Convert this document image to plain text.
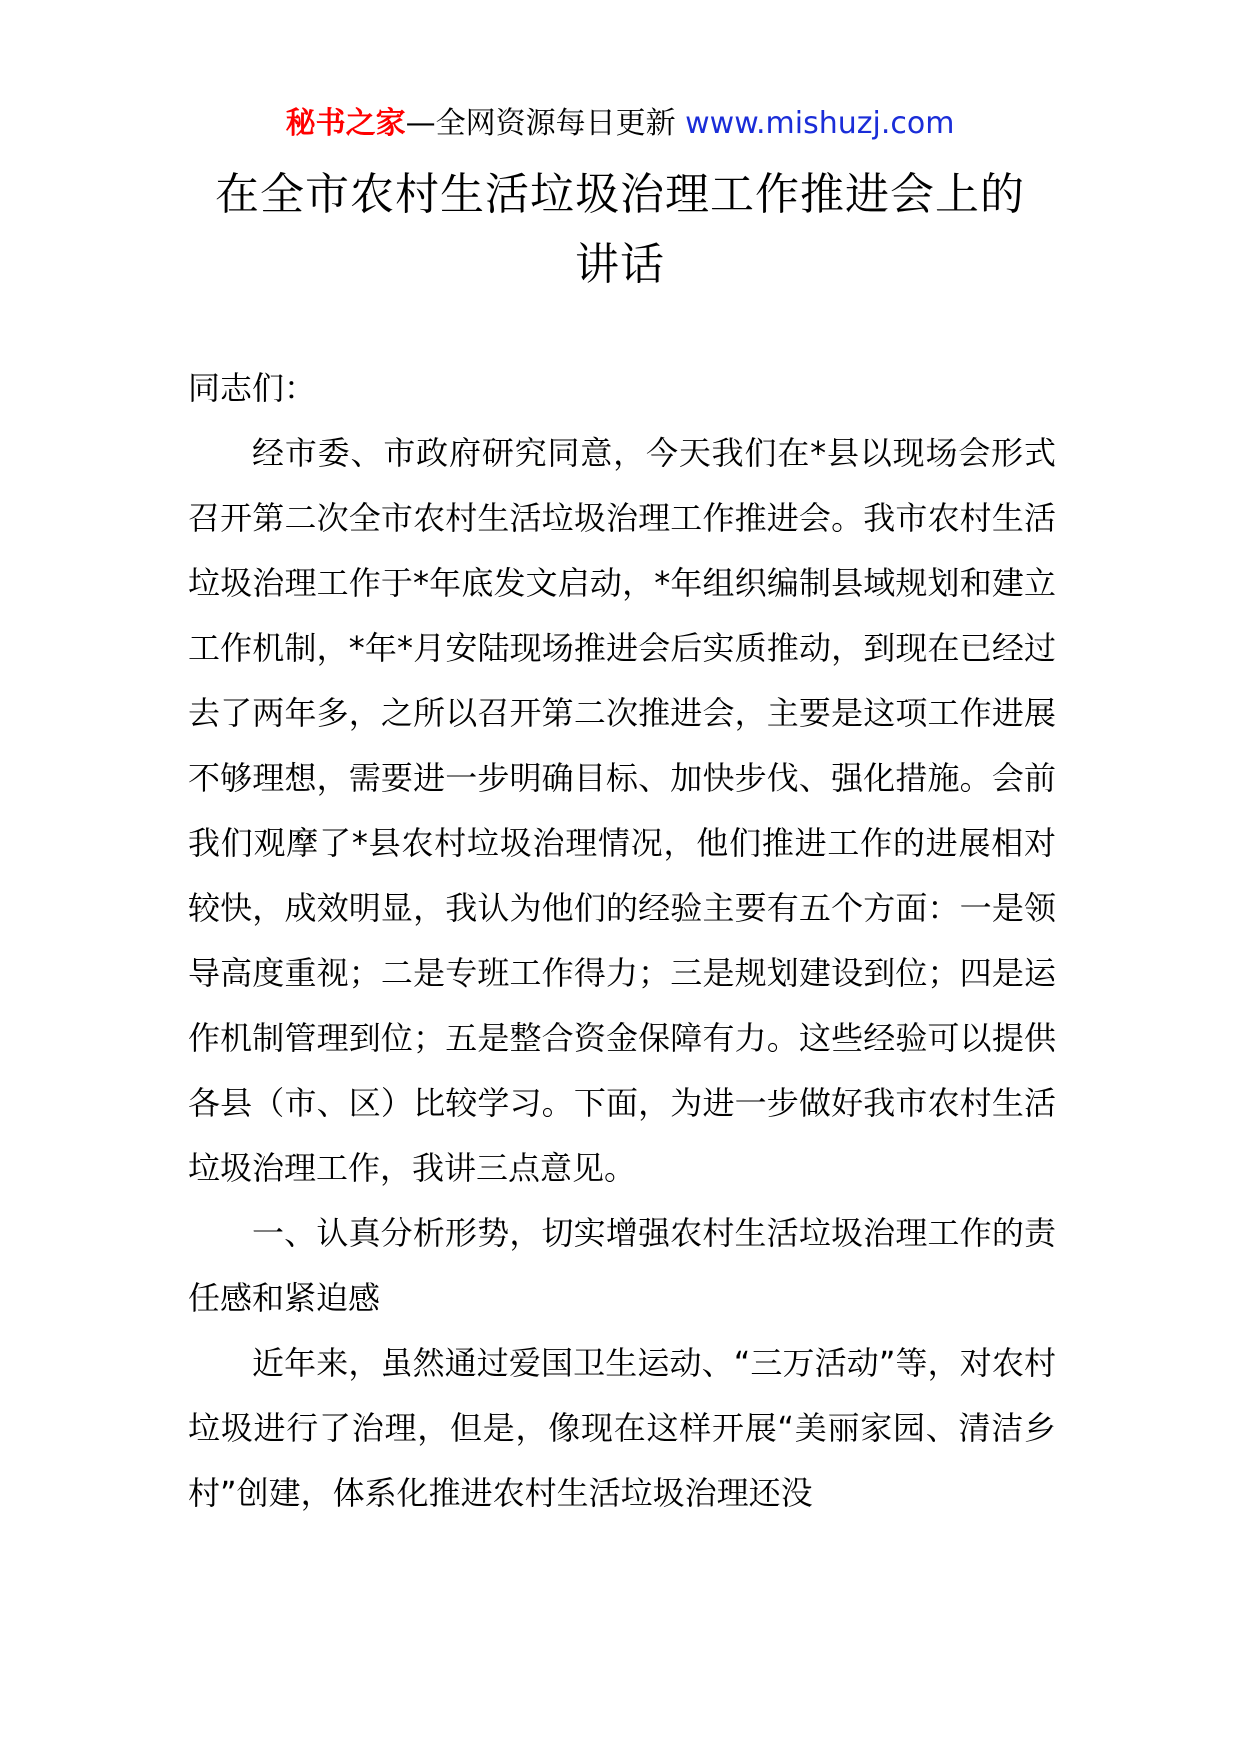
秘书之家—全网资源每日更新 www.mishuzj.com
在全市农村生活垃圾治理工作推进会上的
讲话

同志们：

经市委、市政府研究同意，今天我们在*县以现场会形式召开第二次全市农村生活垃圾治理工作推进会。我市农村生活垃圾治理工作于*年底发文启动，*年组织编制县域规划和建立工作机制，*年*月安陆现场推进会后实质推动，到现在已经过去了两年多，之所以召开第二次推进会，主要是这项工作进展不够理想，需要进一步明确目标、加快步伐、强化措施。会前我们观摩了*县农村垃圾治理情况，他们推进工作的进展相对较快，成效明显，我认为他们的经验主要有五个方面：一是领导高度重视；二是专班工作得力；三是规划建设到位；四是运作机制管理到位；五是整合资金保障有力。这些经验可以提供各县（市、区）比较学习。下面，为进一步做好我市农村生活垃圾治理工作，我讲三点意见。

一、认真分析形势，切实增强农村生活垃圾治理工作的责任感和紧迫感

近年来，虽然通过爱国卫生运动、“三万活动”等，对农村垃圾进行了治理，但是，像现在这样开展“美丽家园、清洁乡村”创建，体系化推进农村生活垃圾治理还没
